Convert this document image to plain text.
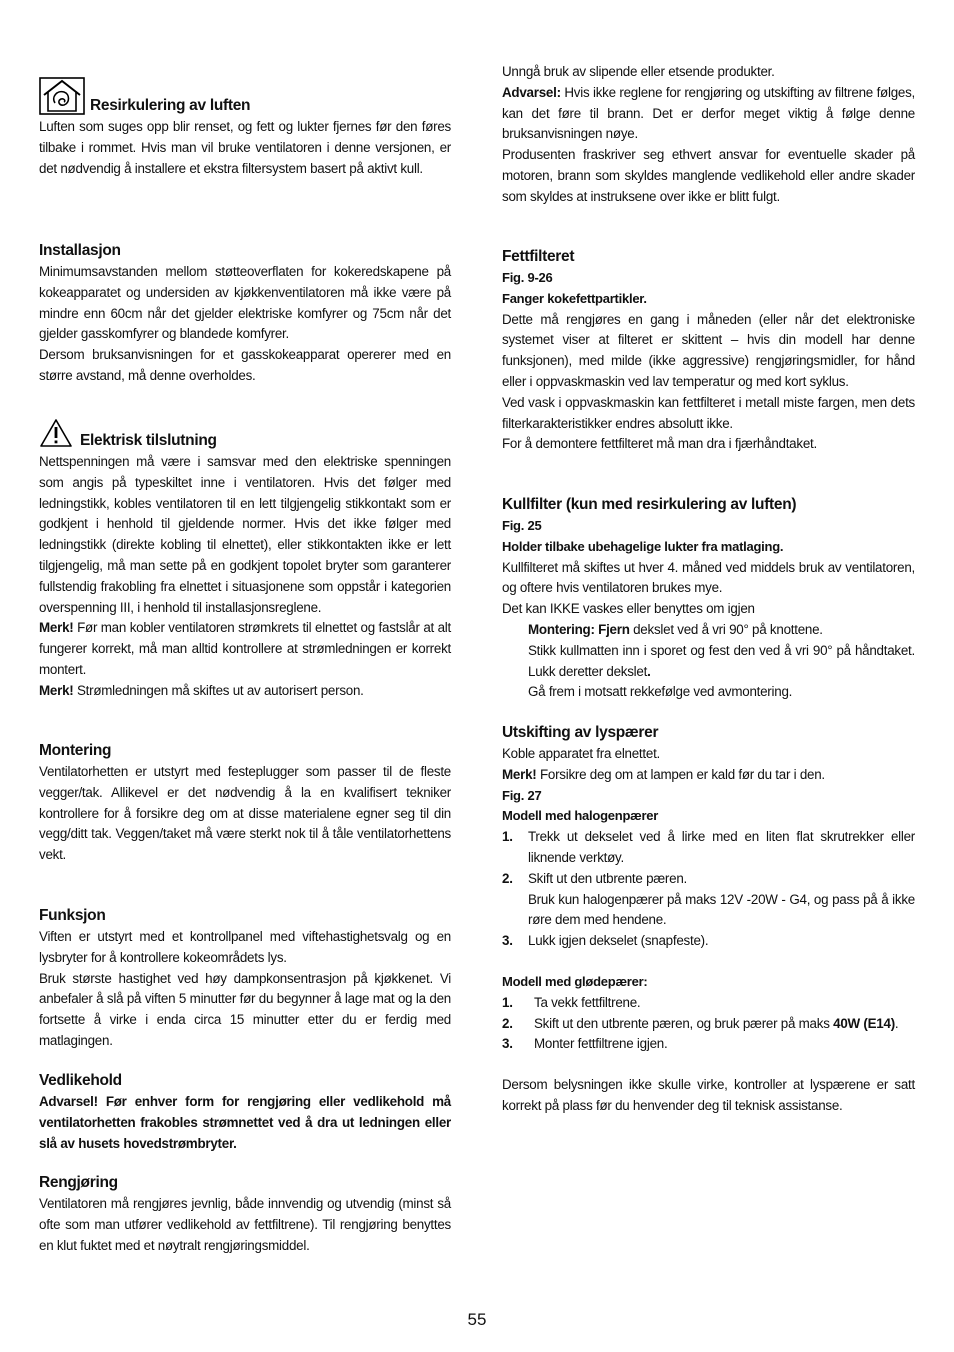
Resirkulering av luften

Luften som suges opp blir renset, og fett og lukter fjernes før den føres tilbake i rommet. Hvis man vil bruke ventilatoren i denne versjonen, er det nødvendig å installere et ekstra filtersystem basert på aktivt kull.

Installasjon

Minimumsavstanden mellom støtteoverflaten for kokeredskapene på kokeapparatet og undersiden av kjøkkenventilatoren må ikke være på mindre enn 60cm når det gjelder elektriske komfyrer og 75cm når det gjelder gasskomfyrer og blandede komfyrer.

Dersom bruksanvisningen for et gasskokeapparat opererer med en større avstand, må denne overholdes.

Elektrisk tilslutning

Nettspenningen må være i samsvar med den elektriske spenningen som angis på typeskiltet inne i ventilatoren. Hvis det følger med ledningstikk, kobles ventilatoren til en lett tilgjengelig stikkontakt som er godkjent i henhold til gjeldende normer. Hvis det ikke følger med ledningstikk (direkte kobling til elnettet), eller stikkontakten ikke er lett tilgjengelig, må man sette på en godkjent topolet bryter som garanterer fullstendig frakobling fra elnettet i situasjonene som oppstår i kategorien overspenning III, i henhold til installasjonsreglene.

Merk! Før man kobler ventilatoren strømkrets til elnettet og fastslår at alt fungerer korrekt, må man alltid kontrollere at strømledningen er korrekt montert.

Merk! Strømledningen må skiftes ut av autorisert person.

Montering

Ventilatorhetten er utstyrt med festeplugger som passer til de fleste vegger/tak. Allikevel er det nødvendig å la en kvalifisert tekniker kontrollere for å forsikre deg om at disse materialene egner seg til din vegg/ditt tak. Veggen/taket må være sterkt nok til å tåle ventilatorhettens vekt.

Funksjon

Viften er utstyrt med et kontrollpanel med viftehastighetsvalg og en lysbryter for å kontrollere kokeområdets lys.

Bruk største hastighet ved høy dampkonsentrasjon på kjøkkenet. Vi anbefaler å slå på viften 5 minutter før du begynner å lage mat og la den fortsette å virke i enda circa 15 minutter etter du er ferdig med matlagingen.

Vedlikehold

Advarsel! Før enhver form for rengjøring eller vedlikehold må ventilatorhetten frakobles strømnettet ved å dra ut ledningen eller slå av husets hovedstrømbryter.

Rengjøring

Ventilatoren må rengjøres jevnlig, både innvendig og utvendig (minst så ofte som man utfører vedlikehold av fettfiltrene). Til rengjøring benyttes en klut fuktet med et nøytralt rengjøringsmiddel.

Unngå bruk av slipende eller etsende produkter.

Advarsel: Hvis ikke reglene for rengjøring og utskifting av filtrene følges, kan det føre til brann. Det er derfor meget viktig å følge denne bruksanvisningen nøye.

Produsenten fraskriver seg ethvert ansvar for eventuelle skader på motoren, brann som skyldes manglende vedlikehold eller andre skader som skyldes at instruksene over ikke er blitt fulgt.

Fettfilteret

Fig. 9-26

Fanger kokefettpartikler.

Dette må rengjøres en gang i måneden (eller når det elektroniske systemet viser at filteret er skittent – hvis din modell har denne funksjonen), med milde (ikke aggressive) rengjøringsmidler, for hånd eller i oppvaskmaskin ved lav temperatur og med kort syklus.

Ved vask i oppvaskmaskin kan fettfilteret i metall miste fargen, men dets filterkarakteristikker endres absolutt ikke.

For å demontere fettfilteret må man dra i fjærhåndtaket.

Kullfilter (kun med resirkulering av luften)

Fig. 25

Holder tilbake ubehagelige lukter fra matlaging.

Kullfilteret må skiftes ut hver 4. måned ved middels bruk av ventilatoren, og oftere hvis ventilatoren brukes mye.

Det kan IKKE vaskes eller benyttes om igjen

Montering: Fjern dekslet ved å vri 90° på knottene.

Stikk kullmatten inn i sporet og fest den ved å vri 90° på håndtaket. Lukk deretter dekslet.

Gå frem i motsatt rekkefølge ved avmontering.

Utskifting av lyspærer

Koble apparatet fra elnettet.

Merk! Forsikre deg om at lampen er kald før du tar i den.

Fig. 27

Modell med halogenpærer

1.	Trekk ut dekselet ved å lirke med en liten flat skrutrekker eller liknende verktøy.
2.	Skift ut den utbrente pæren.
Bruk kun halogenpærer på maks 12V -20W - G4, og pass på å ikke røre dem med hendene.
3.	Lukk igjen dekselet (snapfeste).

Modell med glødepærer:

1.	Ta vekk fettfiltrene.
2.	Skift ut den utbrente pæren, og bruk pærer på maks 40W (E14).
3.	Monter fettfiltrene igjen.

Dersom belysningen ikke skulle virke, kontroller at lyspærene er satt korrekt på plass før du henvender deg til teknisk assistanse.

55
